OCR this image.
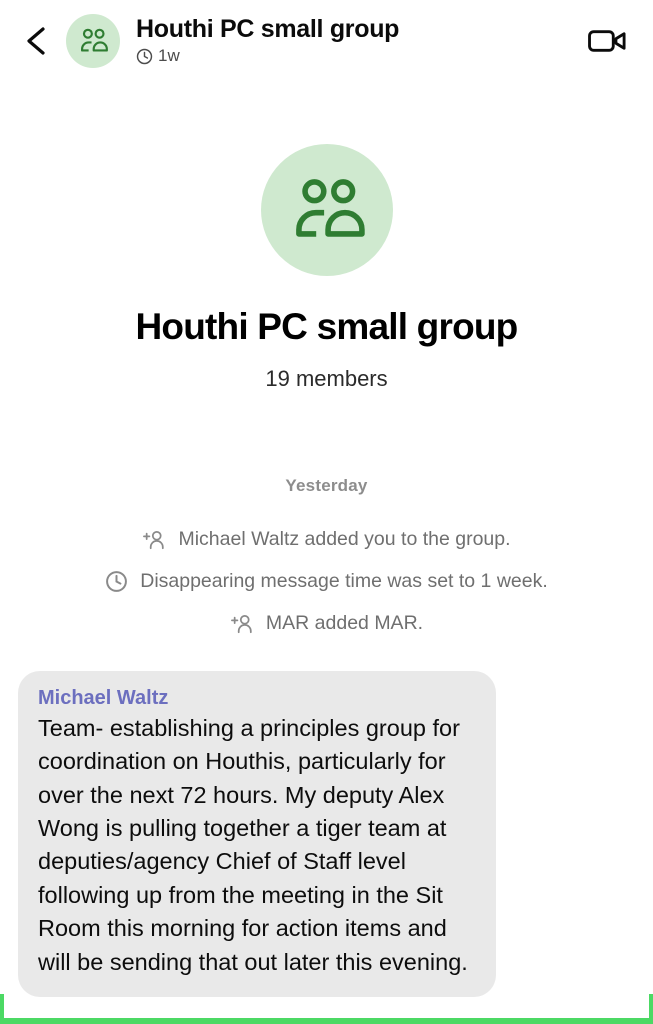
Houthi PC small group
1w
Houthi PC small group
19 members
Yesterday
Michael Waltz added you to the group.
Disappearing message time was set to 1 week.
MAR added MAR.
Michael Waltz
Team- establishing a principles group for coordination on Houthis, particularly for over the next 72 hours. My deputy Alex Wong is pulling together a tiger team at deputies/agency Chief of Staff level following up from the meeting in the Sit Room this morning for action items and will be sending that out later this evening.
